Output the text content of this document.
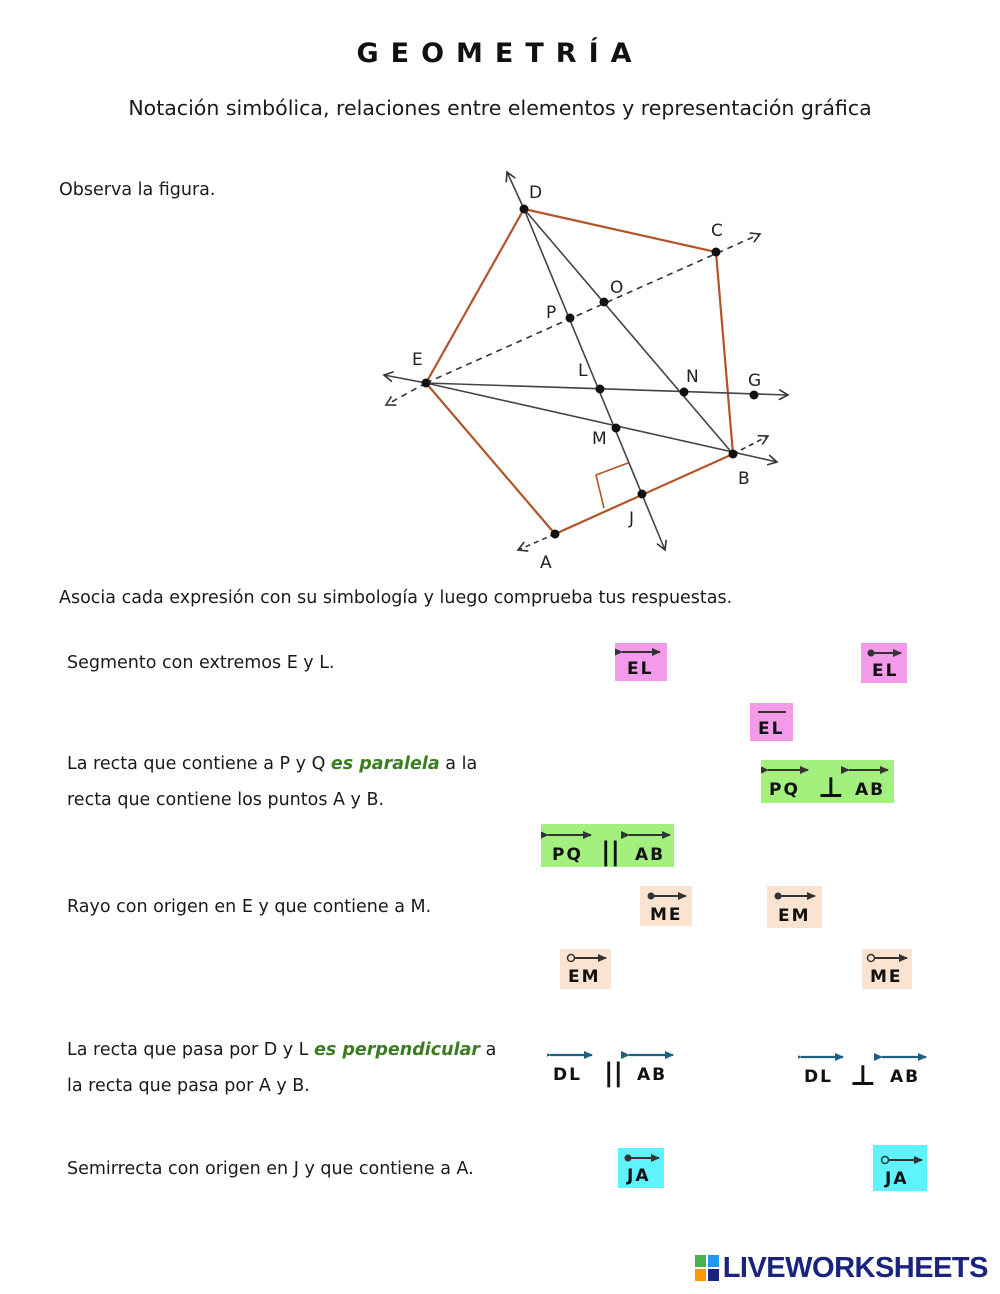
GEOMETRÍA
Notación simbólica, relaciones entre elementos y representación gráfica
Observa la figura.	D
C
O
P
E
L	N	G
M
B
J
A
Asocia cada expresión con su simbología y luego comprueba tus respuestas.
Segmento con extremos E y L.
La recta que contiene a P y Q es paralela a la
recta que contiene los puntos A y B.
Rayo con origen en E y que contiene a M.
La recta que pasa por D y L es perpendicular a
la recta que pasa por A y B.
Semirrecta con origen en J y que contiene a A.
EL	EL
EL
PQ ⊥ AB
PQ || AB
ME	EM
EM	ME
DL || AB	DL ⊥ AB
JA	JA
LIVEWORKSHEETS
